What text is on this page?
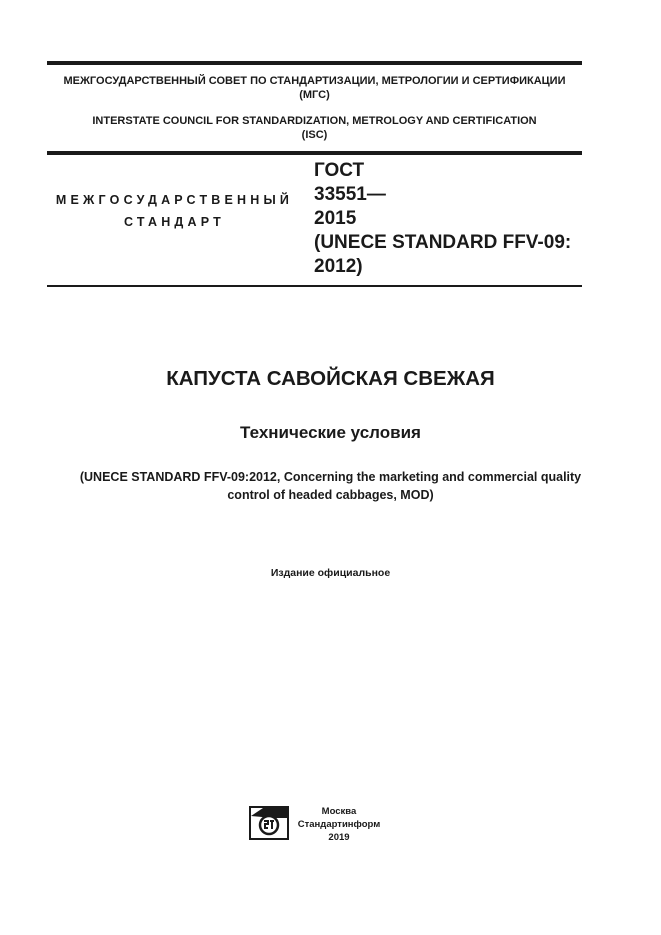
МЕЖГОСУДАРСТВЕННЫЙ СОВЕТ ПО СТАНДАРТИЗАЦИИ, МЕТРОЛОГИИ И СЕРТИФИКАЦИИ
(МГС)
INTERSTATE COUNCIL FOR STANDARDIZATION, METROLOGY AND CERTIFICATION
(ISC)
МЕЖГОСУДАРСТВЕННЫЙ
СТАНДАРТ
ГОСТ
33551—
2015
(UNECE STANDARD FFV-09:
2012)
КАПУСТА САВОЙСКАЯ СВЕЖАЯ
Технические условия
(UNECE STANDARD FFV-09:2012, Concerning the marketing and commercial quality
control of headed cabbages, MOD)
Издание официальное
Москва
Стандартинформ
2019
